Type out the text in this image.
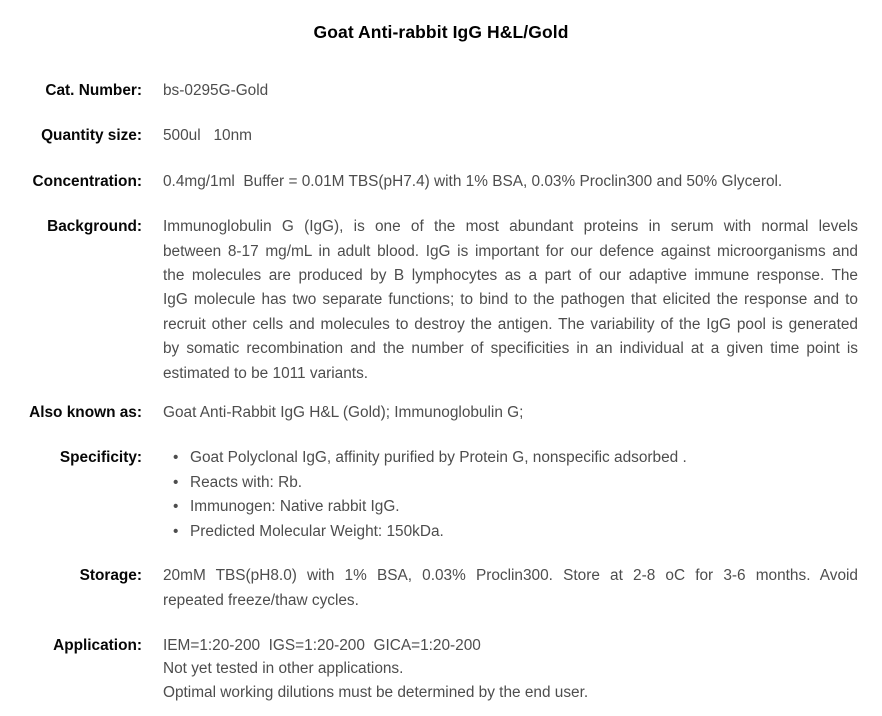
Goat Anti-rabbit IgG H&L/Gold
Cat. Number: bs-0295G-Gold
Quantity size: 500ul   10nm
Concentration: 0.4mg/1ml  Buffer = 0.01M TBS(pH7.4) with 1% BSA, 0.03% Proclin300 and 50% Glycerol.
Background: Immunoglobulin G (IgG), is one of the most abundant proteins in serum with normal levels
between 8-17 mg/mL in adult blood. IgG is important for our defence against microorganisms and
the molecules are produced by B lymphocytes as a part of our adaptive immune response. The
IgG molecule has two separate functions; to bind to the pathogen that elicited the response and to
recruit other cells and molecules to destroy the antigen. The variability of the IgG pool is generated
by somatic recombination and the number of specificities in an individual at a given time point is
estimated to be 1011 variants.
Also known as: Goat Anti-Rabbit IgG H&L (Gold); Immunoglobulin G;
Specificity: • Goat Polyclonal IgG, affinity purified by Protein G, nonspecific adsorbed .
• Reacts with: Rb.
• Immunogen: Native rabbit IgG.
• Predicted Molecular Weight: 150kDa.
Storage: 20mM TBS(pH8.0) with 1% BSA, 0.03% Proclin300. Store at 2-8 oC for 3-6 months. Avoid
repeated freeze/thaw cycles.
Application: IEM=1:20-200  IGS=1:20-200  GICA=1:20-200
Not yet tested in other applications.
Optimal working dilutions must be determined by the end user.
